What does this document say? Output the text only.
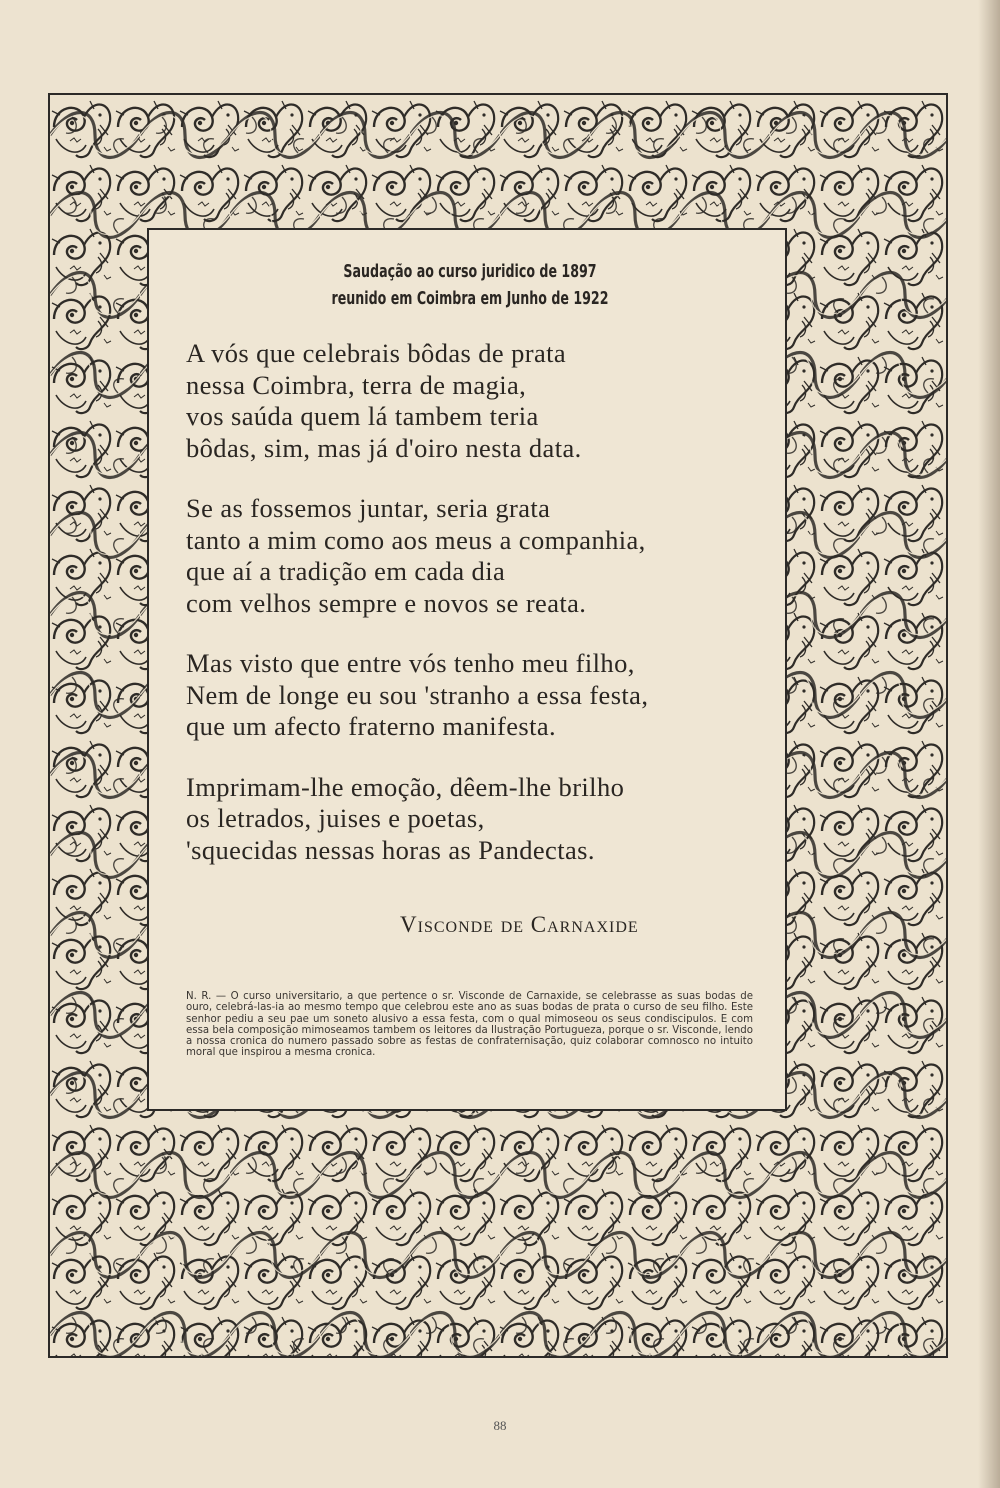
Saudação ao curso juridico de 1897
reunido em Coimbra em Junho de 1922
A vós que celebrais bôdas de prata
nessa Coimbra, terra de magia,
vos saúda quem lá tambem teria
bôdas, sim, mas já d'oiro nesta data.
Se as fossemos juntar, seria grata
tanto a mim como aos meus a companhia,
que aí a tradição em cada dia
com velhos sempre e novos se reata.
Mas visto que entre vós tenho meu filho,
Nem de longe eu sou 'stranho a essa festa,
que um afecto fraterno manifesta.
Imprimam-lhe emoção, dêem-lhe brilho
os letrados, juises e poetas,
'squecidas nessas horas as Pandectas.
Visconde de Carnaxide
N. R. — O curso universitario, a que pertence o sr. Visconde de Carnaxide, se celebrasse as suas bodas de ouro, celebrá-las-ia ao mesmo tempo que celebrou este ano as suas bodas de prata o curso de seu filho. Este senhor pediu a seu pae um soneto alusivo a essa festa, com o qual mimoseou os seus condiscipulos. E com essa bela composição mimoseamos tambem os leitores da Ilustração Portugueza, porque o sr. Visconde, lendo a nossa cronica do numero passado sobre as festas de confraternisação, quiz colaborar comnosco no intuito moral que inspirou a mesma cronica.
88
